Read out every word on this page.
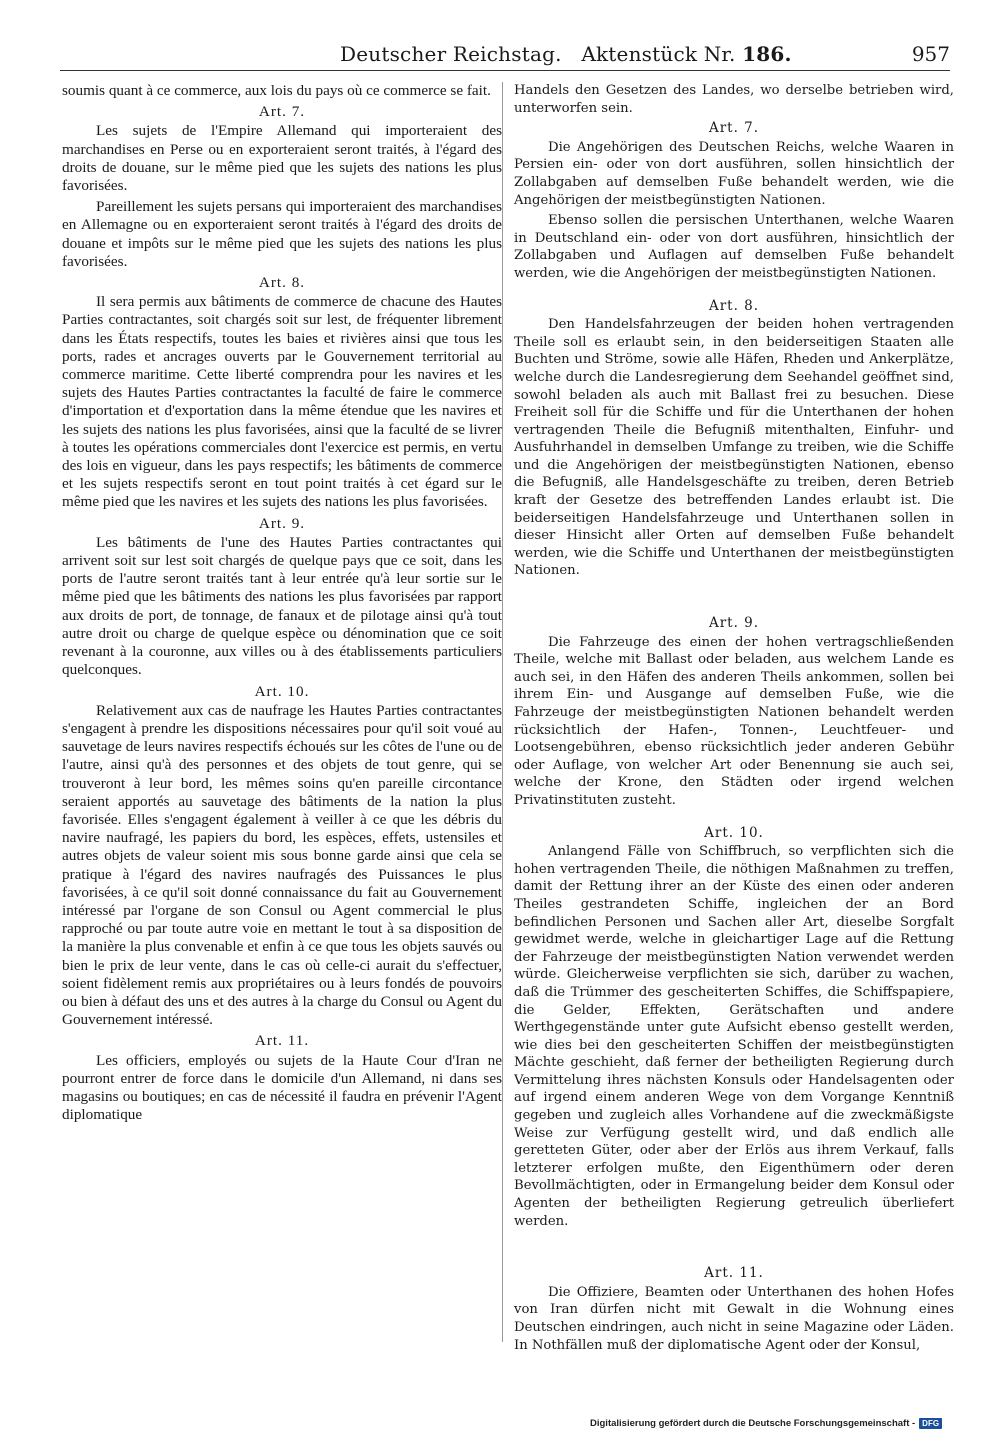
Deutscher Reichstag. Aktenstück Nr. 186.	957

soumis quant à ce commerce, aux lois du pays où ce commerce se fait.

Art. 7.

Les sujets de l'Empire Allemand qui importeraient des marchandises en Perse ou en exporteraient seront traités, à l'égard des droits de douane, sur le même pied que les sujets des nations les plus favorisées.

Pareillement les sujets persans qui importeraient des marchandises en Allemagne ou en exporteraient seront traités à l'égard des droits de douane et impôts sur le même pied que les sujets des nations les plus favorisées.

Art. 8.

Il sera permis aux bâtiments de commerce de chacune des Hautes Parties contractantes, soit chargés soit sur lest, de fréquenter librement dans les États respectifs, toutes les baies et rivières ainsi que tous les ports, rades et ancrages ouverts par le Gouvernement territorial au commerce maritime. Cette liberté comprendra pour les navires et les sujets des Hautes Parties contractantes la faculté de faire le commerce d'importation et d'exportation dans la même étendue que les navires et les sujets des nations les plus favorisées, ainsi que la faculté de se livrer à toutes les opérations commerciales dont l'exercice est permis, en vertu des lois en vigueur, dans les pays respectifs; les bâtiments de commerce et les sujets respectifs seront en tout point traités à cet égard sur le même pied que les navires et les sujets des nations les plus favorisées.

Art. 9.

Les bâtiments de l'une des Hautes Parties contractantes qui arrivent soit sur lest soit chargés de quelque pays que ce soit, dans les ports de l'autre seront traités tant à leur entrée qu'à leur sortie sur le même pied que les bâtiments des nations les plus favorisées par rapport aux droits de port, de tonnage, de fanaux et de pilotage ainsi qu'à tout autre droit ou charge de quelque espèce ou dénomination que ce soit revenant à la couronne, aux villes ou à des établissements particuliers quelconques.

Art. 10.

Relativement aux cas de naufrage les Hautes Parties contractantes s'engagent à prendre les dispositions nécessaires pour qu'il soit voué au sauvetage de leurs navires respectifs échoués sur les côtes de l'une ou de l'autre, ainsi qu'à des personnes et des objets de tout genre, qui se trouveront à leur bord, les mêmes soins qu'en pareille circontance seraient apportés au sauvetage des bâtiments de la nation la plus favorisée. Elles s'engagent également à veiller à ce que les débris du navire naufragé, les papiers du bord, les espèces, effets, ustensiles et autres objets de valeur soient mis sous bonne garde ainsi que cela se pratique à l'égard des navires naufragés des Puissances le plus favorisées, à ce qu'il soit donné connaissance du fait au Gouvernement intéressé par l'organe de son Consul ou Agent commercial le plus rapproché ou par toute autre voie en mettant le tout à sa disposition de la manière la plus convenable et enfin à ce que tous les objets sauvés ou bien le prix de leur vente, dans le cas où celle-ci aurait du s'effectuer, soient fidèlement remis aux propriétaires ou à leurs fondés de pouvoirs ou bien à défaut des uns et des autres à la charge du Consul ou Agent du Gouvernement intéressé.

Art. 11.

Les officiers, employés ou sujets de la Haute Cour d'Iran ne pourront entrer de force dans le domicile d'un Allemand, ni dans ses magasins ou boutiques; en cas de nécessité il faudra en prévenir l'Agent diplomatique

Handels den Gesetzen des Landes, wo derselbe betrieben wird, unterworfen sein.

Art. 7.

Die Angehörigen des Deutschen Reichs, welche Waaren in Persien ein- oder von dort ausführen, sollen hinsichtlich der Zollabgaben auf demselben Fuße behandelt werden, wie die Angehörigen der meistbegünstigten Nationen.

Ebenso sollen die persischen Unterthanen, welche Waaren in Deutschland ein- oder von dort ausführen, hinsichtlich der Zollabgaben und Auflagen auf demselben Fuße behandelt werden, wie die Angehörigen der meistbegünstigten Nationen.

Art. 8.

Den Handelsfahrzeugen der beiden hohen vertragenden Theile soll es erlaubt sein, in den beiderseitigen Staaten alle Buchten und Ströme, sowie alle Häfen, Rheden und Ankerplätze, welche durch die Landesregierung dem Seehandel geöffnet sind, sowohl beladen als auch mit Ballast frei zu besuchen. Diese Freiheit soll für die Schiffe und für die Unterthanen der hohen vertragenden Theile die Befugniß mitenthalten, Einfuhr- und Ausfuhrhandel in demselben Umfange zu treiben, wie die Schiffe und die Angehörigen der meistbegünstigten Nationen, ebenso die Befugniß, alle Handelsgeschäfte zu treiben, deren Betrieb kraft der Gesetze des betreffenden Landes erlaubt ist. Die beiderseitigen Handelsfahrzeuge und Unterthanen sollen in dieser Hinsicht aller Orten auf demselben Fuße behandelt werden, wie die Schiffe und Unterthanen der meistbegünstigten Nationen.

Art. 9.

Die Fahrzeuge des einen der hohen vertragschließenden Theile, welche mit Ballast oder beladen, aus welchem Lande es auch sei, in den Häfen des anderen Theils ankommen, sollen bei ihrem Ein- und Ausgange auf demselben Fuße, wie die Fahrzeuge der meistbegünstigten Nationen behandelt werden rücksichtlich der Hafen-, Tonnen-, Leuchtfeuer- und Lootsengebühren, ebenso rücksichtlich jeder anderen Gebühr oder Auflage, von welcher Art oder Benennung sie auch sei, welche der Krone, den Städten oder irgend welchen Privatinstituten zusteht.

Art. 10.

Anlangend Fälle von Schiffbruch, so verpflichten sich die hohen vertragenden Theile, die nöthigen Maßnahmen zu treffen, damit der Rettung ihrer an der Küste des einen oder anderen Theiles gestrandeten Schiffe, ingleichen der an Bord befindlichen Personen und Sachen aller Art, dieselbe Sorgfalt gewidmet werde, welche in gleichartiger Lage auf die Rettung der Fahrzeuge der meistbegünstigten Nation verwendet werden würde. Gleicherweise verpflichten sie sich, darüber zu wachen, daß die Trümmer des gescheiterten Schiffes, die Schiffspapiere, die Gelder, Effekten, Gerätschaften und andere Werthgegenstände unter gute Aufsicht ebenso gestellt werden, wie dies bei den gescheiterten Schiffen der meistbegünstigten Mächte geschieht, daß ferner der betheiligten Regierung durch Vermittelung ihres nächsten Konsuls oder Handelsagenten oder auf irgend einem anderen Wege von dem Vorgange Kenntniß gegeben und zugleich alles Vorhandene auf die zweckmäßigste Weise zur Verfügung gestellt wird, und daß endlich alle geretteten Güter, oder aber der Erlös aus ihrem Verkauf, falls letzterer erfolgen mußte, den Eigenthümern oder deren Bevollmächtigten, oder in Ermangelung beider dem Konsul oder Agenten der betheiligten Regierung getreulich überliefert werden.

Art. 11.

Die Offiziere, Beamten oder Unterthanen des hohen Hofes von Iran dürfen nicht mit Gewalt in die Wohnung eines Deutschen eindringen, auch nicht in seine Magazine oder Läden. In Nothfällen muß der diplomatische Agent oder der Konsul,

Digitalisierung gefördert durch die Deutsche Forschungsgemeinschaft - DFG
